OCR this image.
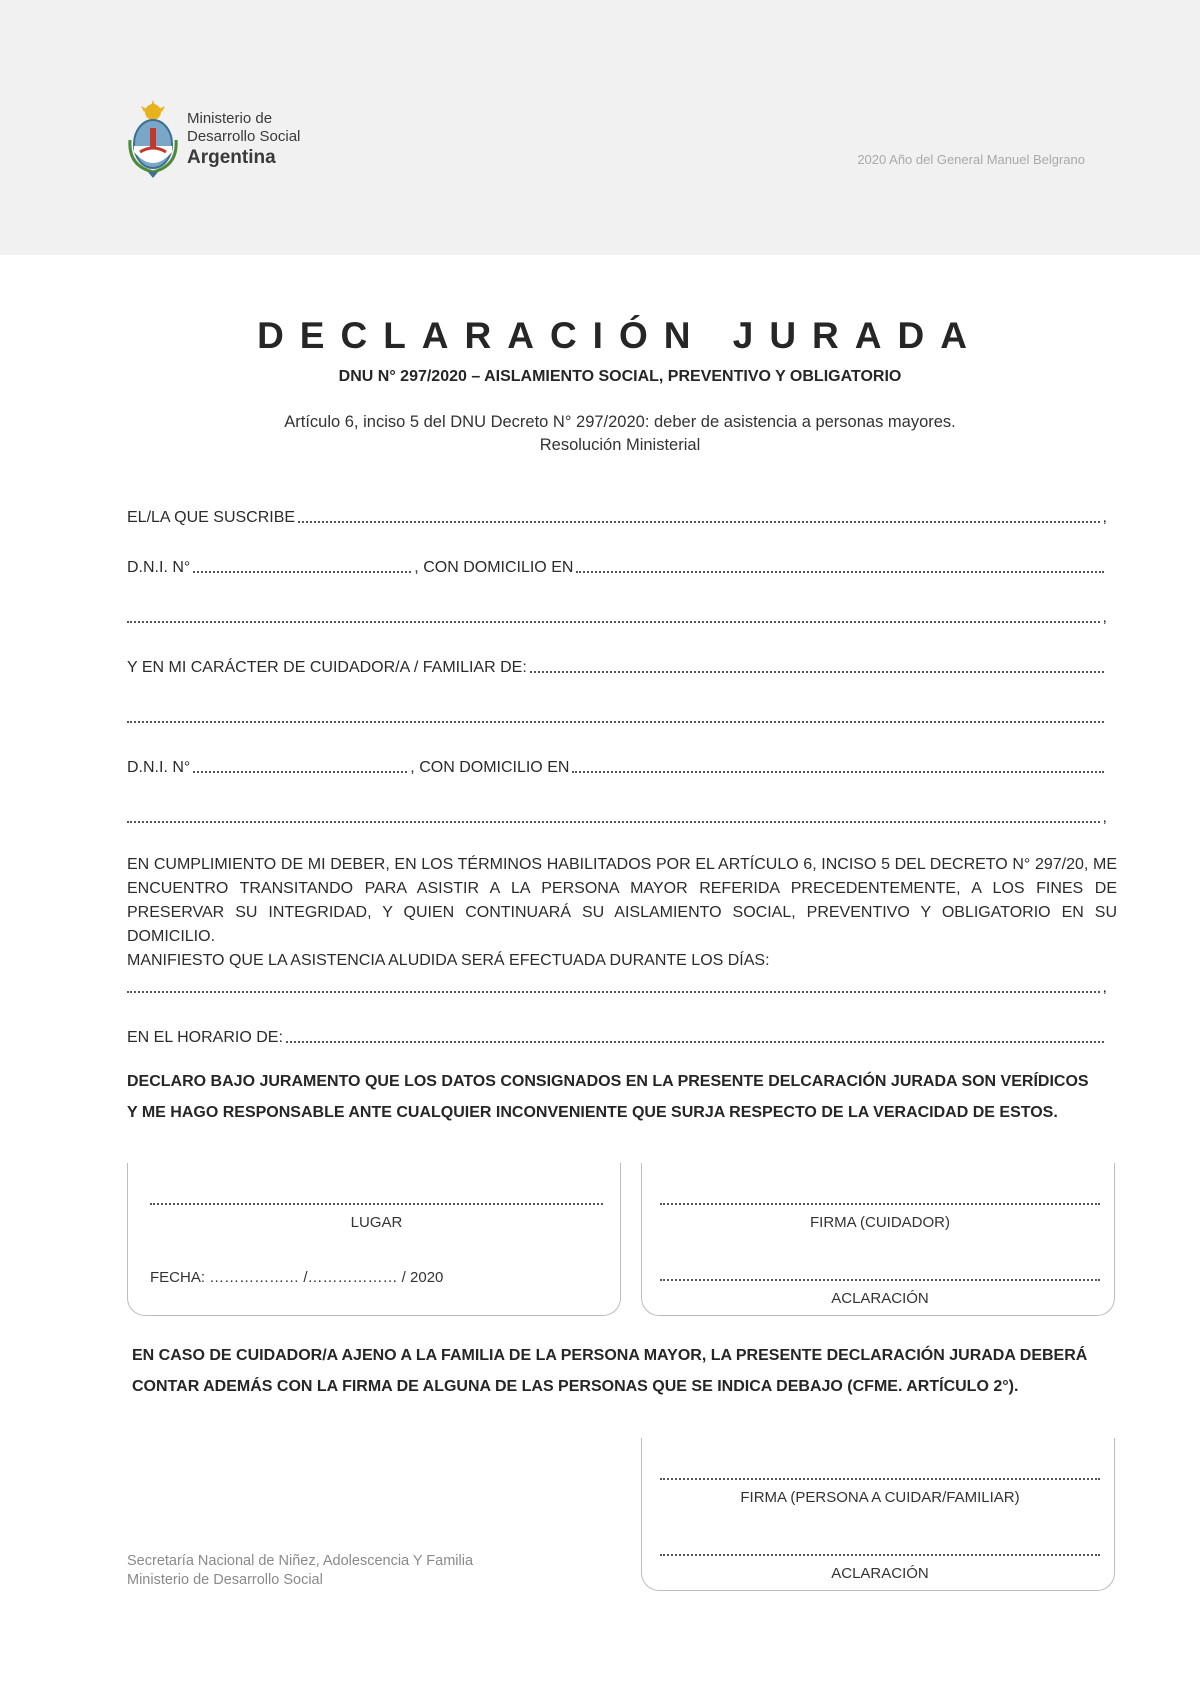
Ministerio de
Desarrollo Social
Argentina	2020 Año del General Manuel Belgrano
DECLARACIÓN JURADA
DNU N° 297/2020 – AISLAMIENTO SOCIAL, PREVENTIVO Y OBLIGATORIO
Artículo 6, inciso 5 del DNU Decreto N° 297/2020: deber de asistencia a personas mayores.
Resolución Ministerial
EL/LA QUE SUSCRIBE	,
D.N.I. N°	, CON DOMICILIO EN
,
Y EN MI CARÁCTER DE CUIDADOR/A / FAMILIAR DE:
D.N.I. N°	, CON DOMICILIO EN
,
EN CUMPLIMIENTO DE MI DEBER, EN LOS TÉRMINOS HABILITADOS POR EL ARTÍCULO 6, INCISO 5 DEL DECRETO N° 297/20, ME ENCUENTRO TRANSITANDO PARA ASISTIR A LA PERSONA MAYOR REFERIDA PRECEDENTEMENTE, A LOS FINES DE PRESERVAR SU INTEGRIDAD, Y QUIEN CONTINUARÁ SU AISLAMIENTO SOCIAL, PREVENTIVO Y OBLIGATORIO EN SU DOMICILIO.
MANIFIESTO QUE LA ASISTENCIA ALUDIDA SERÁ EFECTUADA DURANTE LOS DÍAS:
,
EN EL HORARIO DE:
DECLARO BAJO JURAMENTO QUE LOS DATOS CONSIGNADOS EN LA PRESENTE DELCARACIÓN JURADA SON VERÍDICOS
Y ME HAGO RESPONSABLE ANTE CUALQUIER INCONVENIENTE QUE SURJA RESPECTO DE LA VERACIDAD DE ESTOS.
LUGAR
FECHA: ……………… /……………… / 2020
FIRMA (CUIDADOR)
ACLARACIÓN
EN CASO DE CUIDADOR/A AJENO A LA FAMILIA DE LA PERSONA MAYOR, LA PRESENTE DECLARACIÓN JURADA DEBERÁ
CONTAR ADEMÁS CON LA FIRMA DE ALGUNA DE LAS PERSONAS QUE SE INDICA DEBAJO (CFME. ARTÍCULO 2°).
FIRMA (PERSONA A CUIDAR/FAMILIAR)
ACLARACIÓN
Secretaría Nacional de Niñez, Adolescencia Y Familia
Ministerio de Desarrollo Social
